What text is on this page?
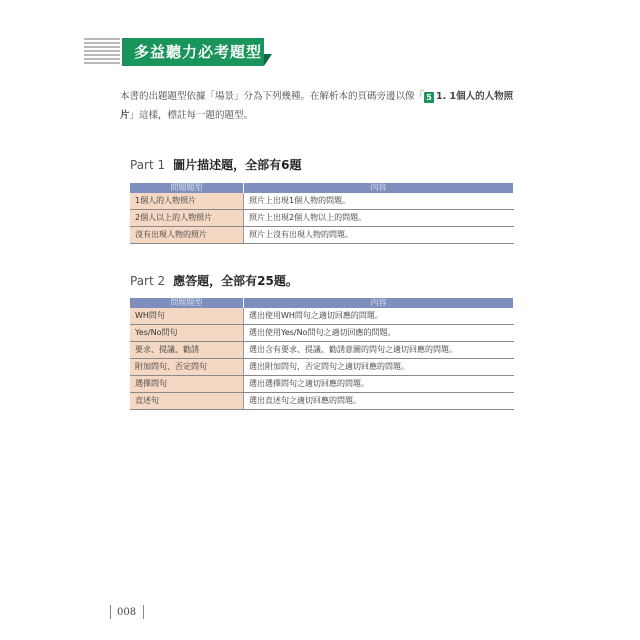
多益聽力必考題型
本書的出題題型依據「場景」分為下列幾種。在解析本的頁碼旁邊以像「 5 1. 1個人的人物照片」這樣，標註每一題的題型。
Part 1 圖片描述題，全部有6題
問題題型	內容
1個人的人物照片	照片上出現1個人物的問題。
2個人以上的人物照片	照片上出現2個人物以上的問題。
沒有出現人物的照片	照片上沒有出現人物的問題。
Part 2 應答題，全部有25題。
問題題型	內容
WH問句	選出使用WH問句之適切回應的問題。
Yes/No問句	選出使用Yes/No問句之適切回應的問題。
要求、提議、勸誘	選出含有要求、提議、勸誘意圖的問句之適切回應的問題。
附加問句、否定問句	選出附加問句，否定問句之適切回應的問題。
選擇問句	選出選擇問句之適切回應的問題。
直述句	選出直述句之適切回應的問題。
008
